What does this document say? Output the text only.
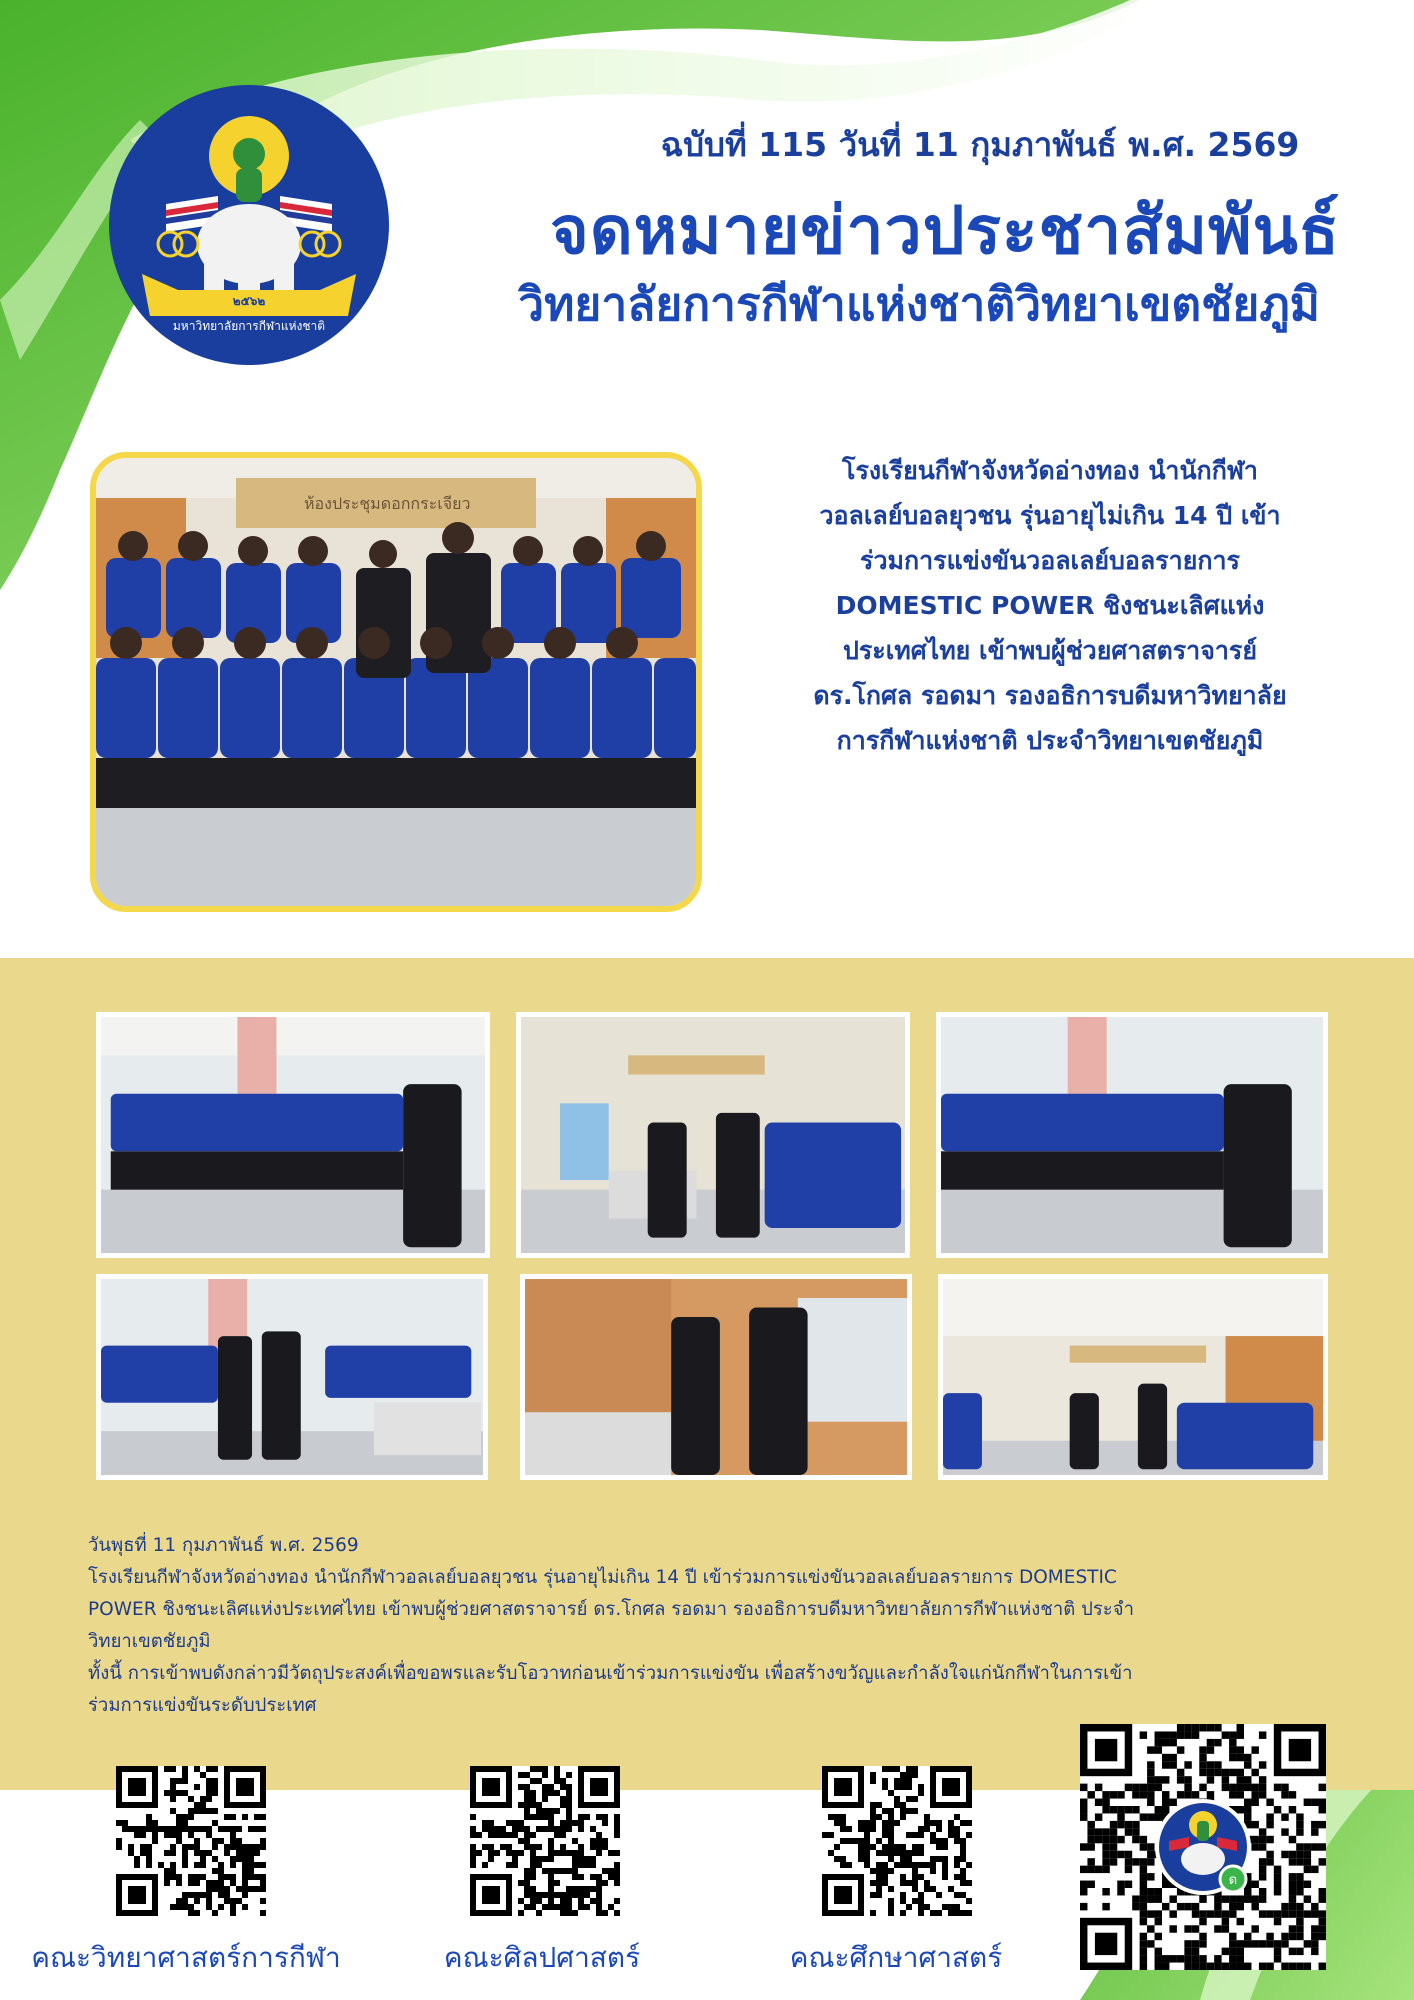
๒๕๖๒
มหาวิทยาลัยการกีฬาแห่งชาติ
ฉบับที่ 115 วันที่ 11 กุมภาพันธ์ พ.ศ. 2569
จดหมายข่าวประชาสัมพันธ์
วิทยาลัยการกีฬาแห่งชาติวิทยาเขตชัยภูมิ
ห้องประชุมดอกกระเจียว
โรงเรียนกีฬาจังหวัดอ่างทอง นำนักกีฬาวอลเลย์บอลยุวชน รุ่นอายุไม่เกิน 14 ปี เข้าร่วมการแข่งขันวอลเลย์บอลรายการ DOMESTIC POWER ชิงชนะเลิศแห่งประเทศไทย เข้าพบผู้ช่วยศาสตราจารย์ ดร.โกศล รอดมา รองอธิการบดีมหาวิทยาลัยการกีฬาแห่งชาติ ประจำวิทยาเขตชัยภูมิ

วันพุธที่ 11 กุมภาพันธ์ พ.ศ. 2569

โรงเรียนกีฬาจังหวัดอ่างทอง นำนักกีฬาวอลเลย์บอลยุวชน รุ่นอายุไม่เกิน 14 ปี เข้าร่วมการแข่งขันวอลเลย์บอลรายการ DOMESTIC POWER ชิงชนะเลิศแห่งประเทศไทย เข้าพบผู้ช่วยศาสตราจารย์ ดร.โกศล รอดมา รองอธิการบดีมหาวิทยาลัยการกีฬาแห่งชาติ ประจำวิทยาเขตชัยภูมิ

ทั้งนี้ การเข้าพบดังกล่าวมีวัตถุประสงค์เพื่อขอพรและรับโอวาทก่อนเข้าร่วมการแข่งขัน เพื่อสร้างขวัญและกำลังใจแก่นักกีฬาในการเข้าร่วมการแข่งขันระดับประเทศ

ด
คณะวิทยาศาสตร์การกีฬา	คณะศิลปศาสตร์	คณะศึกษาศาสตร์
